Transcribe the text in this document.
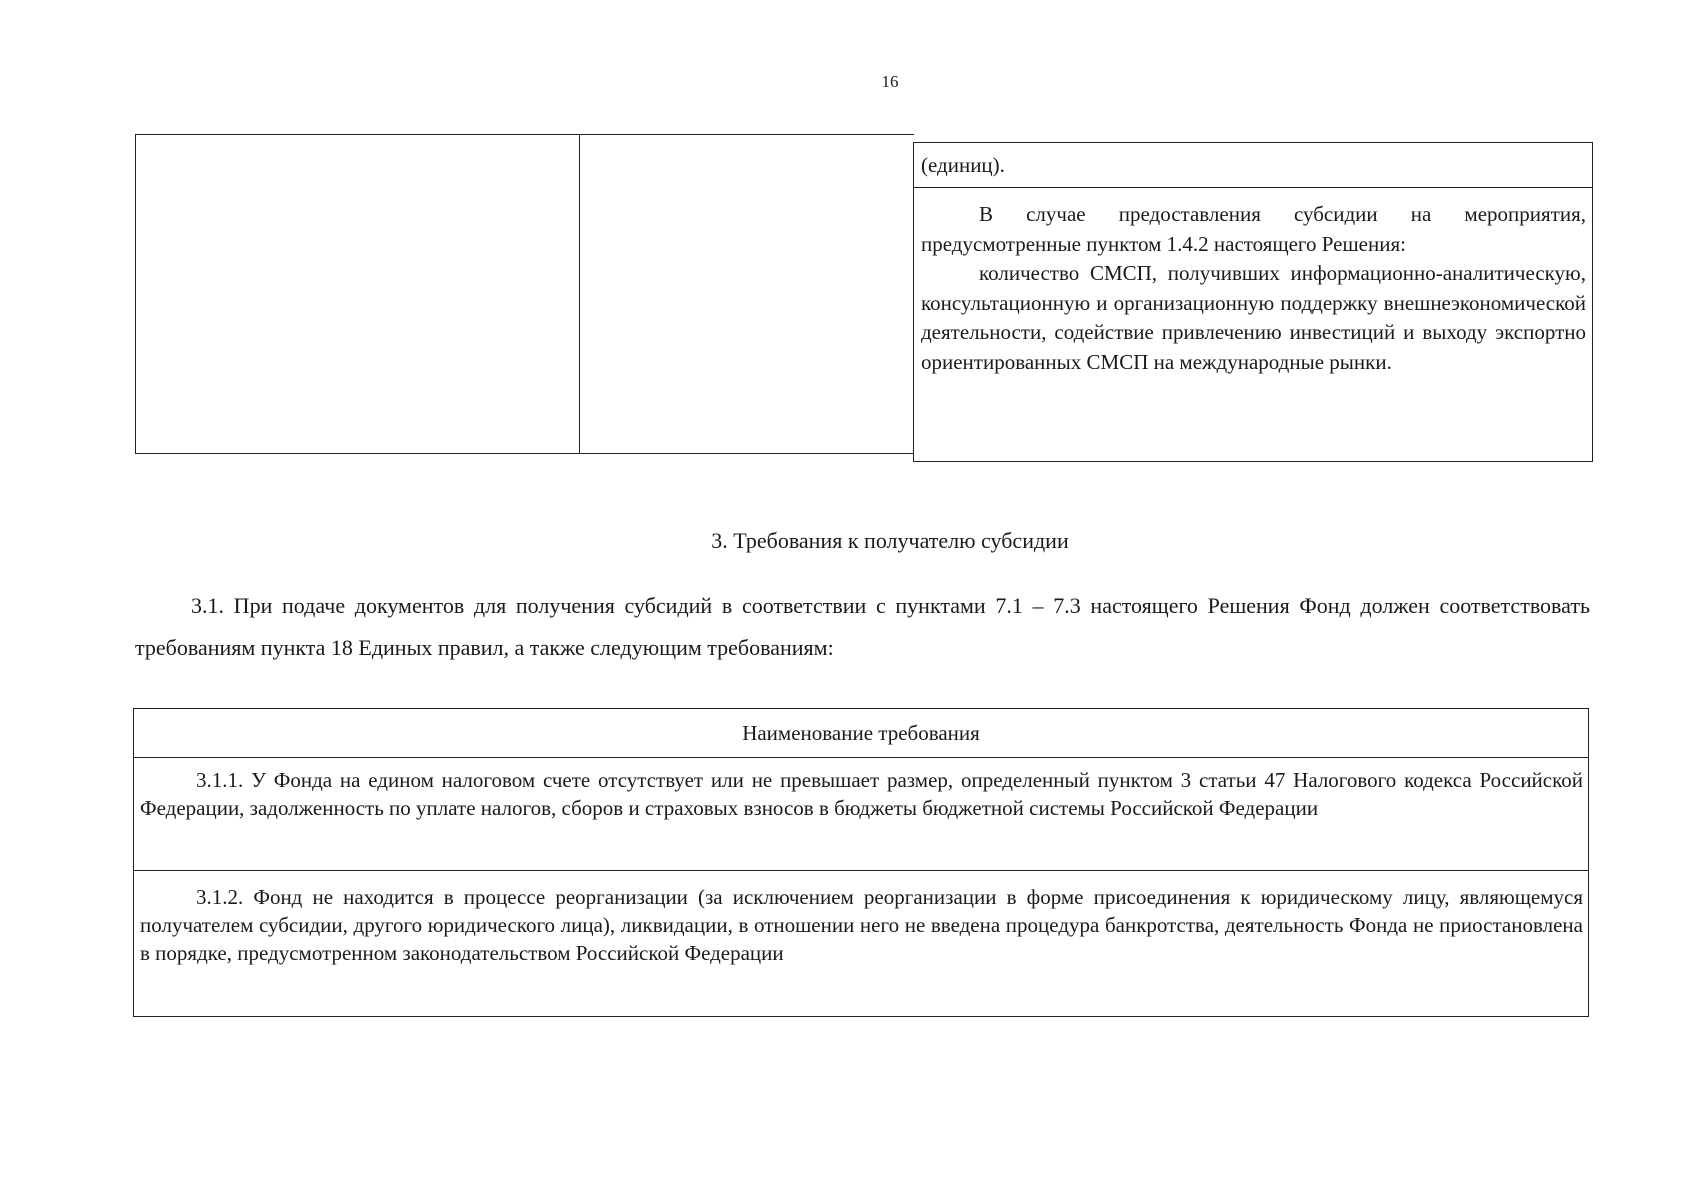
16
(единиц).

В случае предоставления субсидии на мероприятия, предусмотренные пунктом 1.4.2 настоящего Решения:

количество СМСП, получивших информационно-аналитическую, консультационную и организационную поддержку внешнеэкономической деятельности, содействие привлечению инвестиций и выходу экспортно ориентированных СМСП на международные рынки.

3. Требования к получателю субсидии

3.1. При подаче документов для получения субсидий в соответствии с пунктами 7.1 – 7.3 настоящего Решения Фонд должен соответствовать требованиям пункта 18 Единых правил, а также следующим требованиям:

Наименование требования

3.1.1. У Фонда на едином налоговом счете отсутствует или не превышает размер, определенный пунктом 3 статьи 47 Налогового кодекса Российской Федерации, задолженность по уплате налогов, сборов и страховых взносов в бюджеты бюджетной системы Российской Федерации

3.1.2. Фонд не находится в процессе реорганизации (за исключением реорганизации в форме присоединения к юридическому лицу, являющемуся получателем субсидии, другого юридического лица), ликвидации, в отношении него не введена процедура банкротства, деятельность Фонда не приостановлена в порядке, предусмотренном законодательством Российской Федерации
